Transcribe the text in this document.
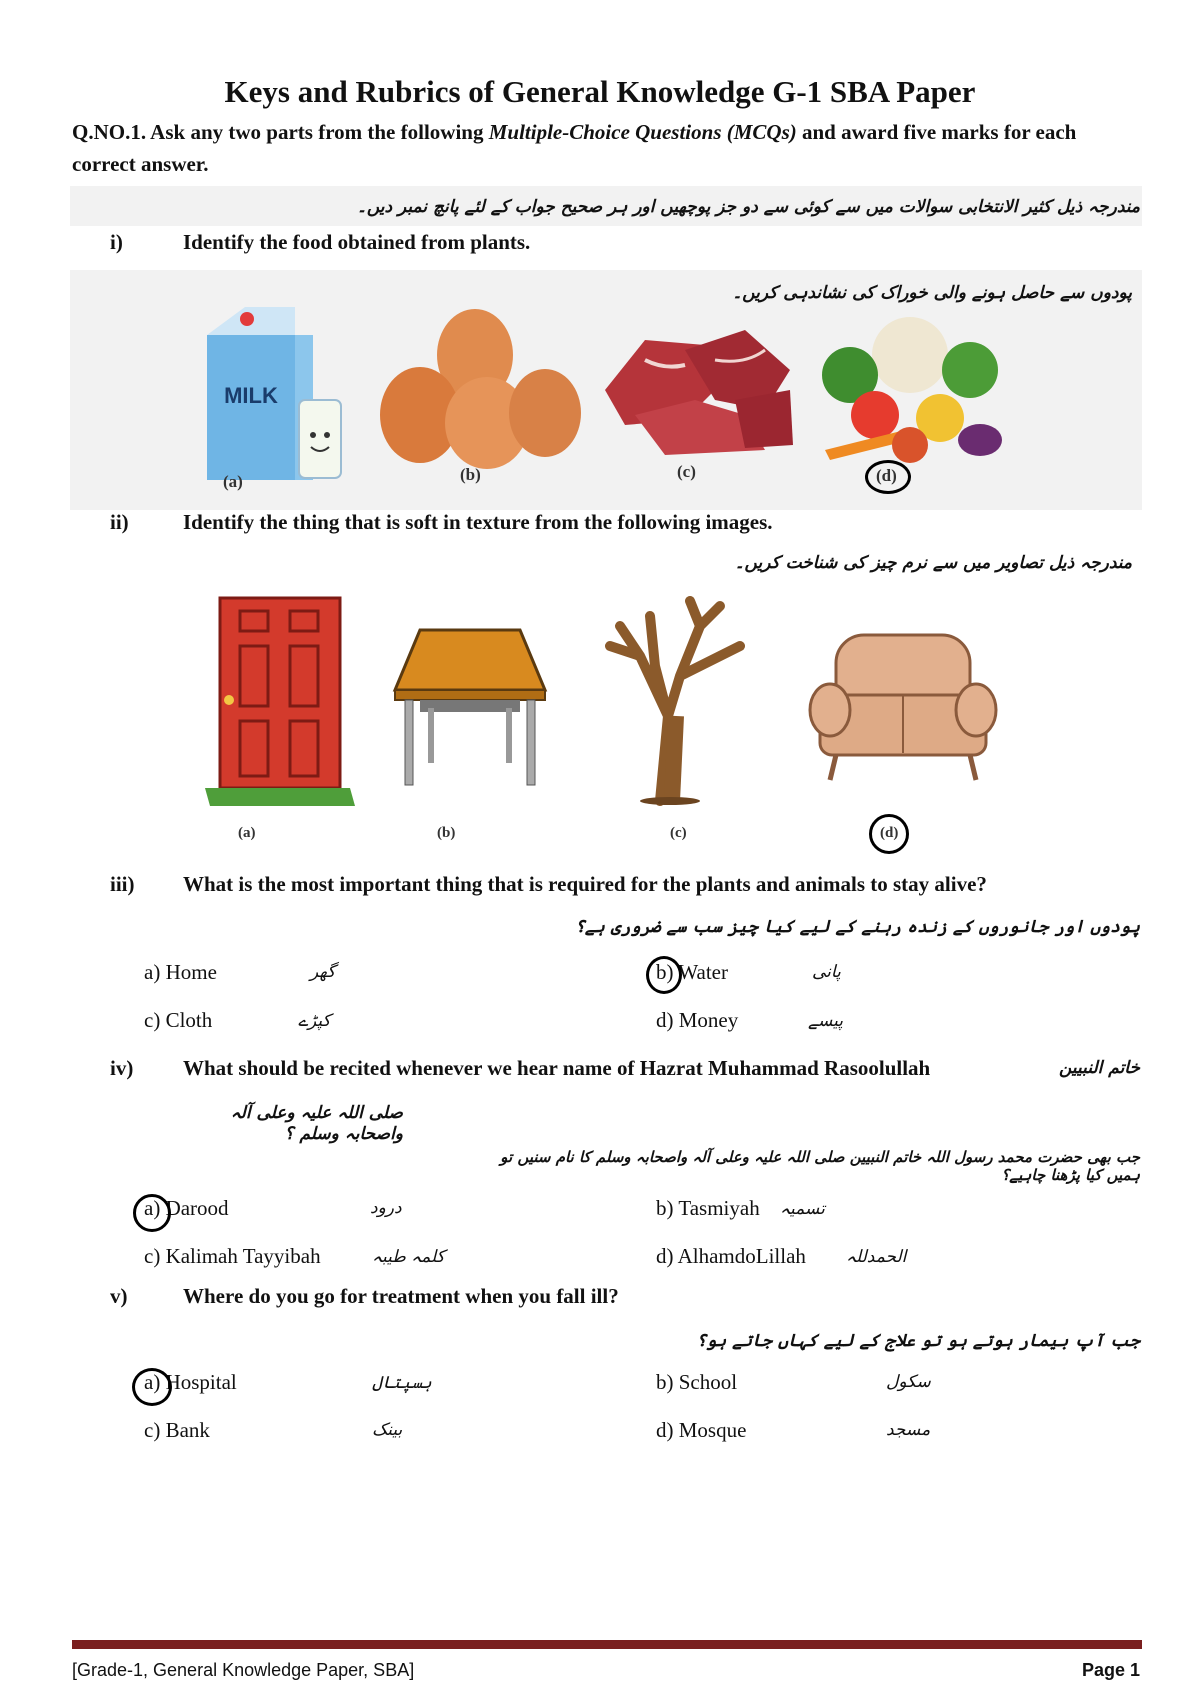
Keys and Rubrics of General Knowledge G-1 SBA Paper
Q.NO.1. Ask any two parts from the following Multiple-Choice Questions (MCQs) and award five marks for each correct answer.
مندرجہ ذیل کثیر الانتخابی سوالات میں سے کوئی سے دو جز پوچھیں اور ہر صحیح جواب کے لئے پانچ نمبر دیں۔
i)	Identify the food obtained from plants.
پودوں سے حاصل ہونے والی خوراک کی نشاندہی کریں۔
MILK
(a)	(b)	(c)	(d)
ii)	Identify the thing that is soft in texture from the following images.
مندرجہ ذیل تصاویر میں سے نرم چیز کی شناخت کریں۔
(a)	(b)	(c)	(d)
iii) What is the most important thing that is required for the plants and animals to stay alive?
پودوں اور جانوروں کے زندہ رہنے کے لیے کیا چیز سب سے ضروری ہے؟
a) Home	گھر	b) Water	پانی
c) Cloth	کپڑے	d) Money	پیسے
iv) What should be recited whenever we hear name of Hazrat Muhammad Rasoolullah	خاتم النبیین
صلی اللہ علیہ وعلی آلہ واصحابہ وسلم ؟
جب بھی حضرت محمد رسول اللہ خاتم النبیین صلی اللہ علیہ وعلی آلہ واصحابہ وسلم کا نام سنیں تو ہمیں کیا پڑھنا چاہیے؟
a) Darood	درود	b) Tasmiyah تسمیہ
c) Kalimah Tayyibah	کلمہ طیبہ	d) AlhamdoLillah الحمدللہ
v)	Where do you go for treatment when you fall ill?
جب آپ بیمار ہوتے ہو تو علاج کے لیے کہاں جاتے ہو؟
a) Hospital	ہسپتال	b) School	سکول
c) Bank	بینک	d) Mosque	مسجد
[Grade-1, General Knowledge Paper, SBA]	Page 1
